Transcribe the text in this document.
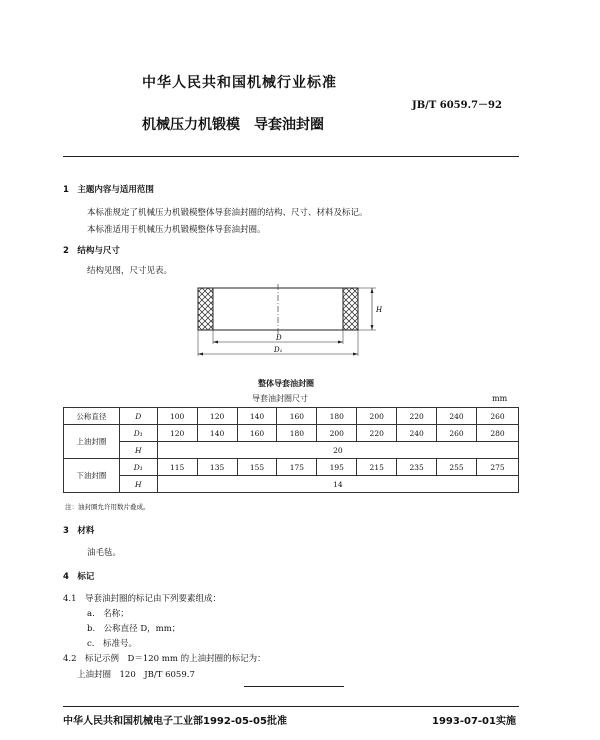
中华人民共和国机械行业标准
JB/T 6059.7－92
机械压力机锻模　导套油封圈
1　主题内容与适用范围
本标准规定了机械压力机锻模整体导套油封圈的结构、尺寸、材料及标记。
本标准适用于机械压力机锻模整体导套油封圈。
2　结构与尺寸
结构见图，尺寸见表。
D
D₁
H
整体导套油封圈
导套油封圈尺寸	mm
公称直径	D	100	120	140	160	180	200	220	240	260
上油封圈	D₁	120	140	160	180	200	220	240	260	280
	H	20								
下油封圈	D₁	115	135	155	175	195	215	235	255	275
	H	14								
注：油封圈允许用数片叠成。
3　材料
油毛毡。
4　标记
4.1　导套油封圈的标记由下列要素组成：
a.　名称；
b.　公称直径 D，mm；
c.　标准号。
4.2　标记示例　D＝120 mm 的上油封圈的标记为：
上油封圈　120　JB/T 6059.7
中华人民共和国机械电子工业部1992-05-05批准	1993-07-01实施
